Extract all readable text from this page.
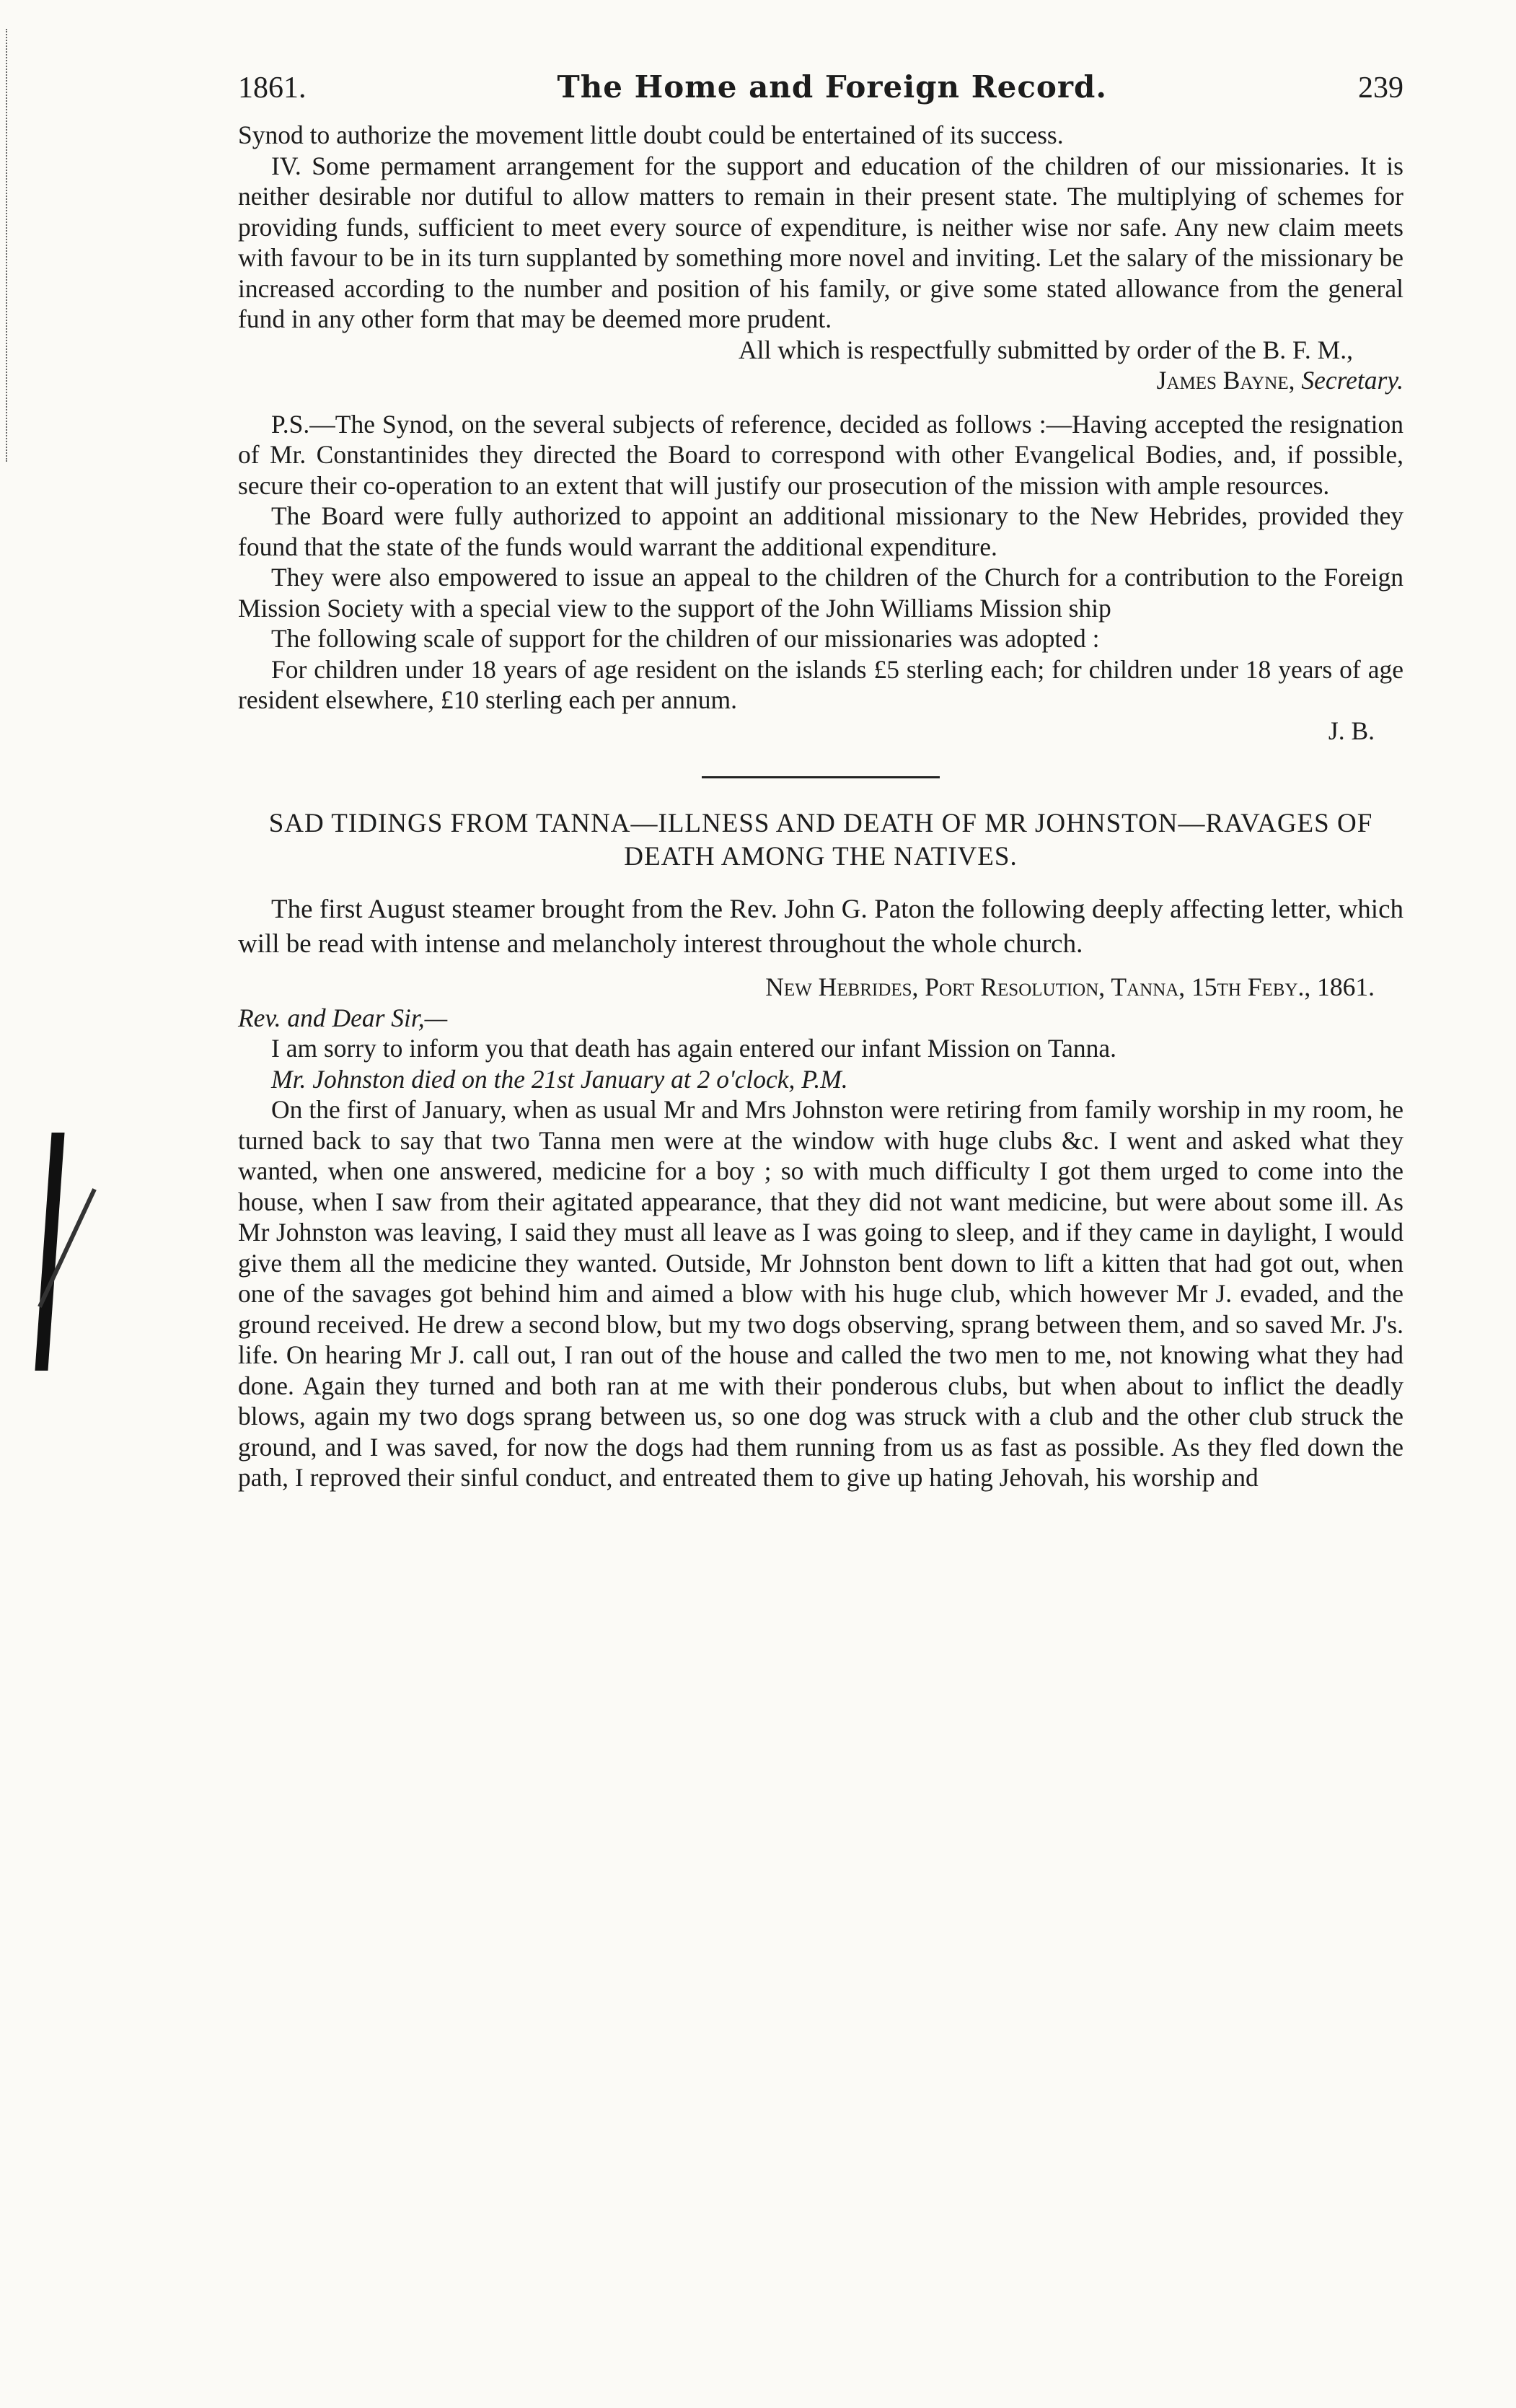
1861.	The Home and Foreign Record.	239

Synod to authorize the movement little doubt could be entertained of its success.

IV. Some permament arrangement for the support and education of the children of our missionaries. It is neither desirable nor dutiful to allow matters to remain in their present state. The multiplying of schemes for providing funds, sufficient to meet every source of expenditure, is neither wise nor safe. Any new claim meets with favour to be in its turn supplanted by something more novel and inviting. Let the salary of the missionary be increased according to the number and position of his family, or give some stated allowance from the general fund in any other form that may be deemed more prudent.

All which is respectfully submitted by order of the B. F. M.,

James Bayne, Secretary.

P.S.—The Synod, on the several subjects of reference, decided as follows :—Having accepted the resignation of Mr. Constantinides they directed the Board to correspond with other Evangelical Bodies, and, if possible, secure their co-operation to an extent that will justify our prosecution of the mission with ample resources.

The Board were fully authorized to appoint an additional missionary to the New Hebrides, provided they found that the state of the funds would warrant the additional expenditure.

They were also empowered to issue an appeal to the children of the Church for a contribution to the Foreign Mission Society with a special view to the support of the John Williams Mission ship

The following scale of support for the children of our missionaries was adopted :

For children under 18 years of age resident on the islands £5 sterling each; for children under 18 years of age resident elsewhere, £10 sterling each per annum.

J. B.

SAD TIDINGS FROM TANNA—ILLNESS AND DEATH OF MR JOHNSTON—RAVAGES OF DEATH AMONG THE NATIVES.

The first August steamer brought from the Rev. John G. Paton the following deeply affecting letter, which will be read with intense and melancholy interest throughout the whole church.

New Hebrides, Port Resolution, Tanna, 15th Feby., 1861.

Rev. and Dear Sir,—

I am sorry to inform you that death has again entered our infant Mission on Tanna.

Mr. Johnston died on the 21st January at 2 o'clock, P.M.

On the first of January, when as usual Mr and Mrs Johnston were retiring from family worship in my room, he turned back to say that two Tanna men were at the window with huge clubs &c. I went and asked what they wanted, when one answered, medicine for a boy ; so with much difficulty I got them urged to come into the house, when I saw from their agitated appearance, that they did not want medicine, but were about some ill. As Mr Johnston was leaving, I said they must all leave as I was going to sleep, and if they came in daylight, I would give them all the medicine they wanted. Outside, Mr Johnston bent down to lift a kitten that had got out, when one of the savages got behind him and aimed a blow with his huge club, which however Mr J. evaded, and the ground received. He drew a second blow, but my two dogs observing, sprang between them, and so saved Mr. J's. life. On hearing Mr J. call out, I ran out of the house and called the two men to me, not knowing what they had done. Again they turned and both ran at me with their ponderous clubs, but when about to inflict the deadly blows, again my two dogs sprang between us, so one dog was struck with a club and the other club struck the ground, and I was saved, for now the dogs had them running from us as fast as possible. As they fled down the path, I reproved their sinful conduct, and entreated them to give up hating Jehovah, his worship and
